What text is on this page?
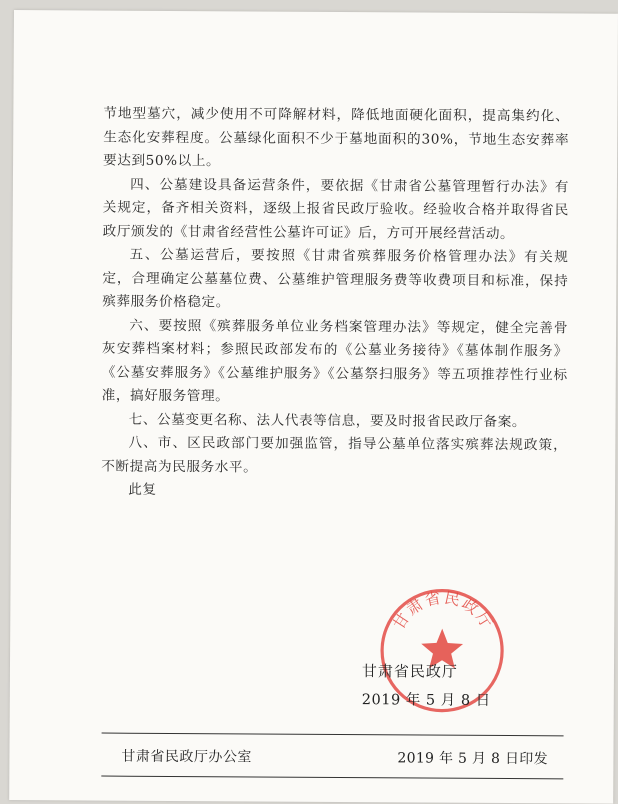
节地型墓穴，减少使用不可降解材料，降低地面硬化面积，提高集约化、生态化安葬程度。公墓绿化面积不少于墓地面积的30%，节地生态安葬率要达到50%以上。

四、公墓建设具备运营条件，要依据《甘肃省公墓管理暂行办法》有关规定，备齐相关资料，逐级上报省民政厅验收。经验收合格并取得省民政厅颁发的《甘肃省经营性公墓许可证》后，方可开展经营活动。

五、公墓运营后，要按照《甘肃省殡葬服务价格管理办法》有关规定，合理确定公墓墓位费、公墓维护管理服务费等收费项目和标准，保持殡葬服务价格稳定。

六、要按照《殡葬服务单位业务档案管理办法》等规定，健全完善骨灰安葬档案材料；参照民政部发布的《公墓业务接待》《墓体制作服务》《公墓安葬服务》《公墓维护服务》《公墓祭扫服务》等五项推荐性行业标准，搞好服务管理。

七、公墓变更名称、法人代表等信息，要及时报省民政厅备案。

八、市、区民政部门要加强监管，指导公墓单位落实殡葬法规政策，不断提高为民服务水平。

此复

甘肃省民政厅
甘肃省民政厅
2019 年 5 月 8 日
甘肃省民政厅办公室	2019 年 5 月 8 日印发
